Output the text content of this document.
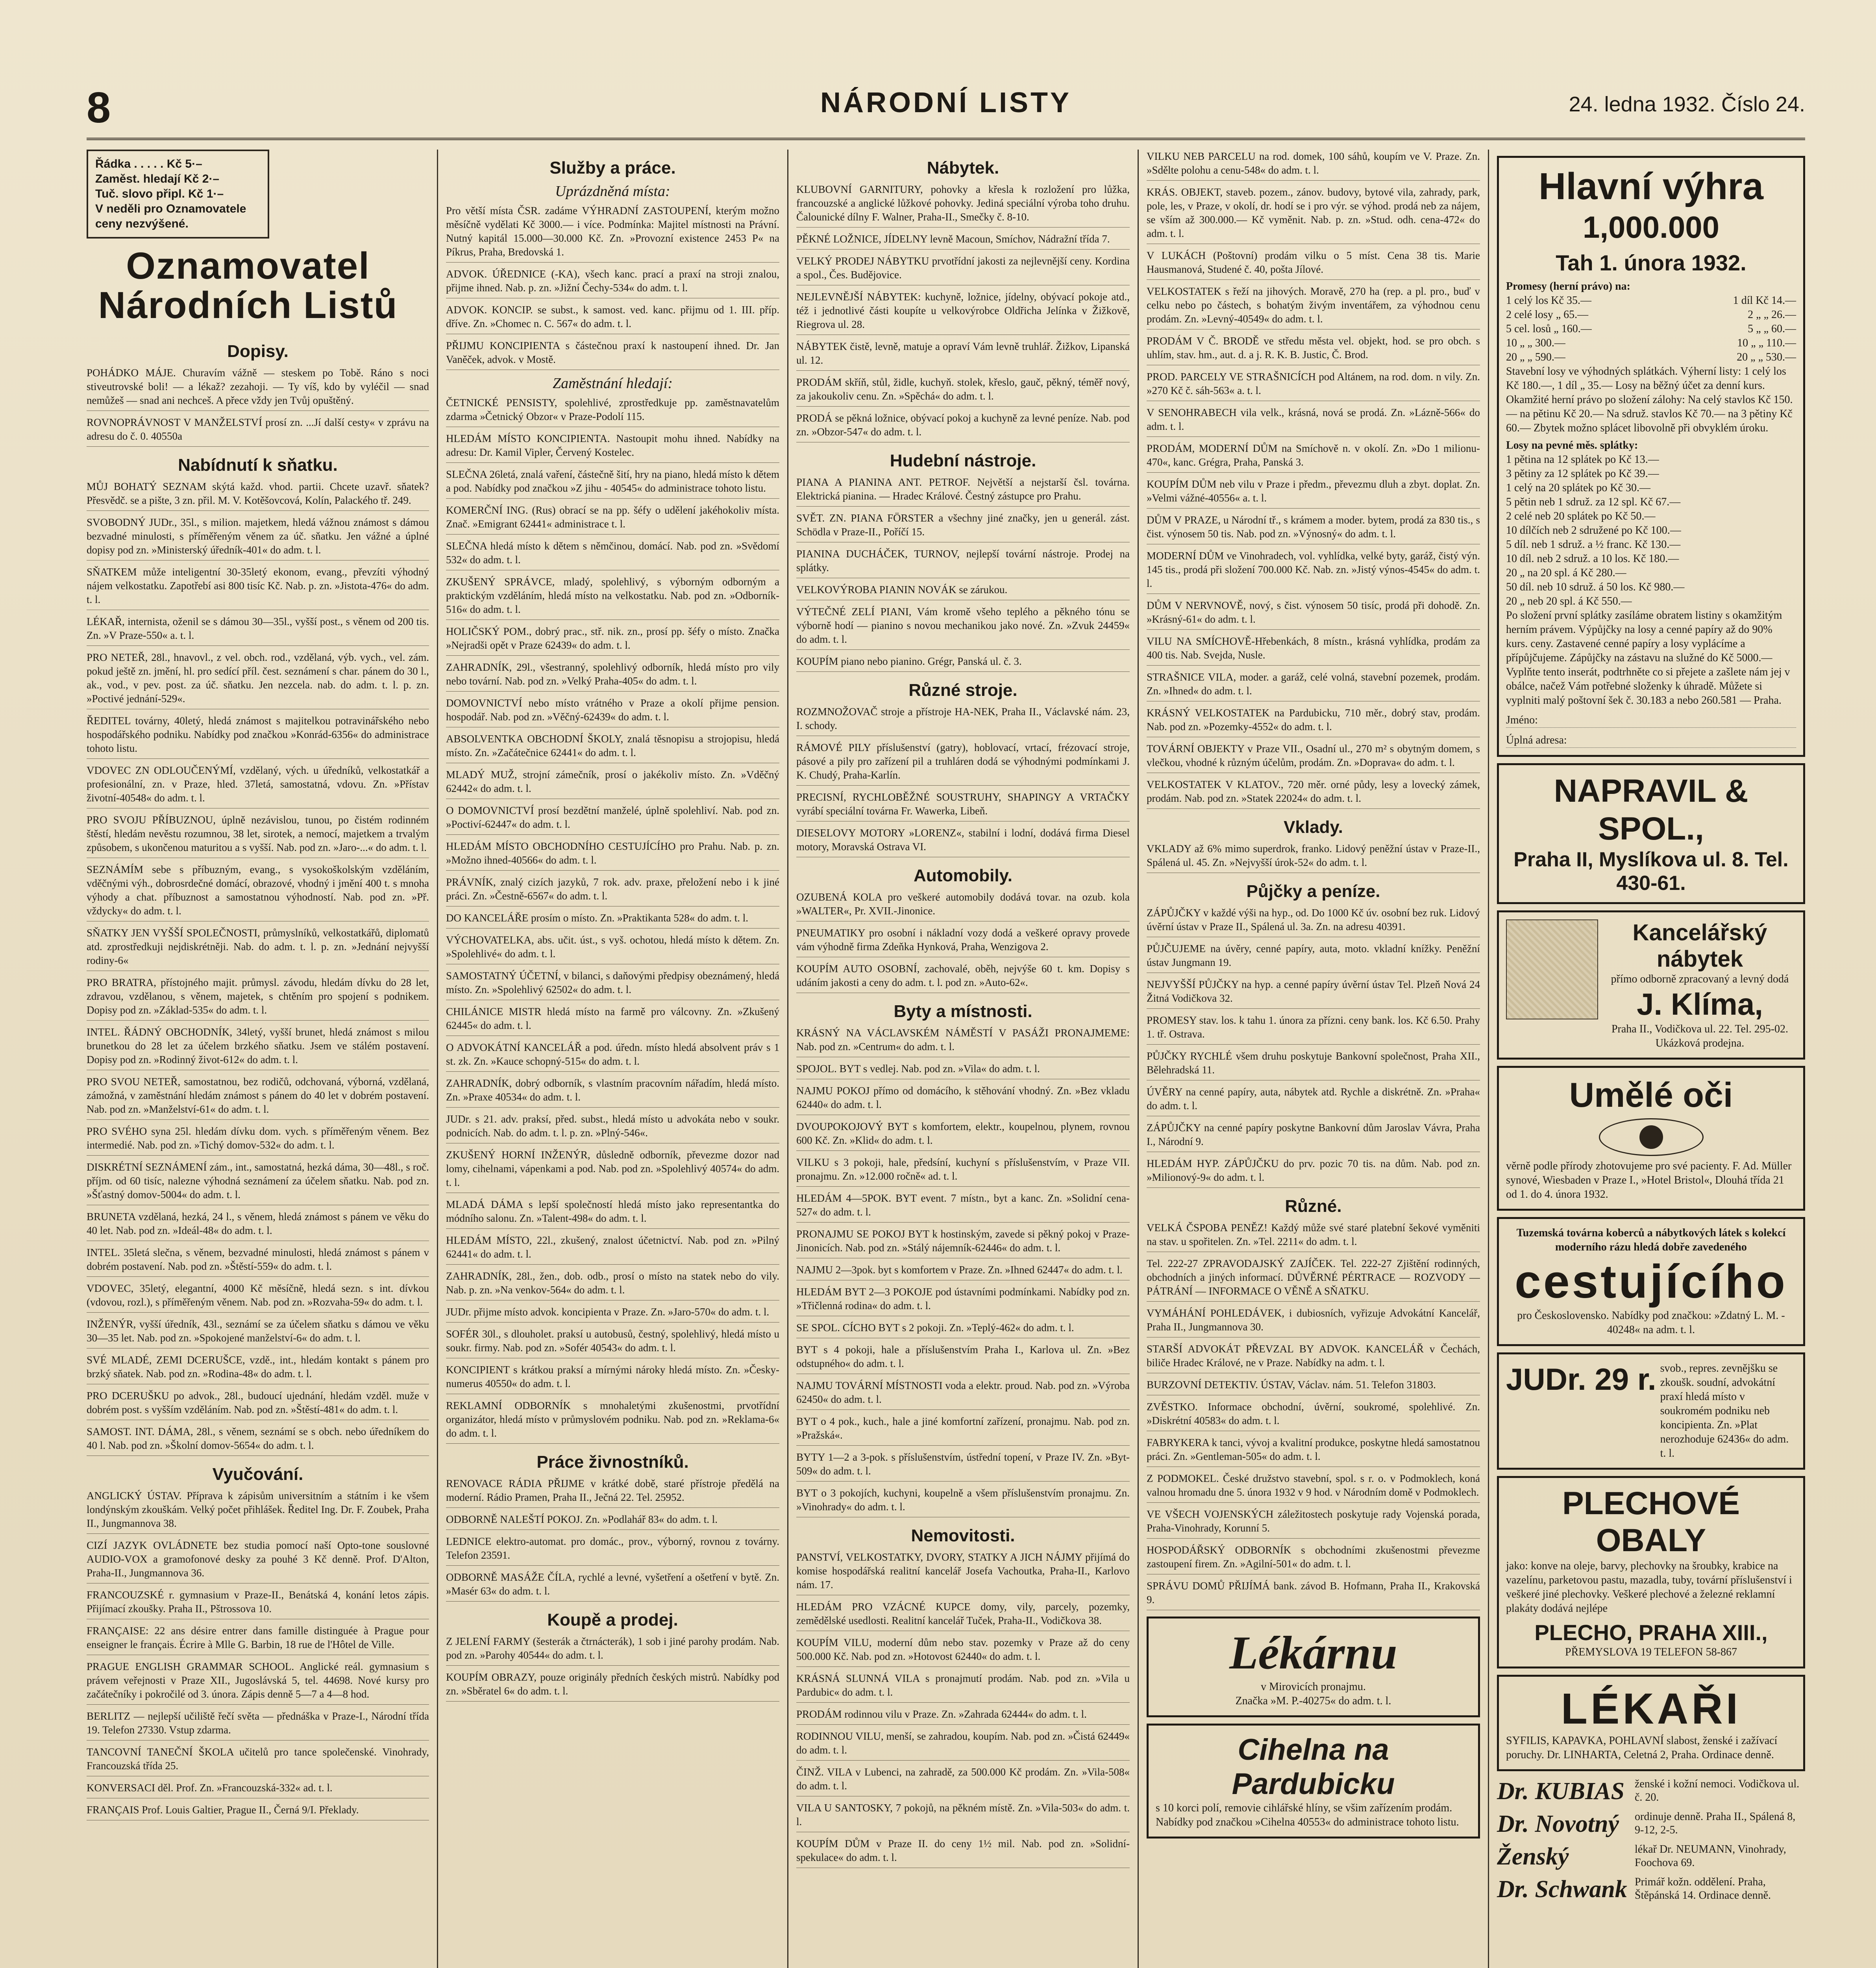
8	NÁRODNÍ LISTY	24. ledna 1932. Číslo 24.
Řádka . . . . . Kč 5·–
Zaměst. hledají Kč 2·–
Tuč. slovo připl. Kč 1·–
V neděli pro Oznamovatele ceny nezvýšené.
Oznamovatel
Národních Listů
Dopisy.
POHÁDKO MÁJE. Churavím vážně — steskem po Tobě. Ráno s noci stiveutrovské boli! — a lékaž? zezahoji. — Ty víš, kdo by vyléčil — snad nemůžeš — snad ani nechceš. A přece vždy jen Tvůj opuštěný.
ROVNOPRÁVNOST V MANŽELSTVÍ prosí zn. ...Jí další cesty« v zprávu na adresu do č. 0. 40550a
Nabídnutí k sňatku.
MŮJ BOHATÝ SEZNAM skýtá každ. vhod. partii. Chcete uzavř. sňatek? Přesvědč. se a pište, 3 zn. přil. M. V. Kotěšovcová, Kolín, Palackého tř. 249.
SVOBODNÝ JUDr., 35l., s milion. majetkem, hledá vážnou známost s dámou bezvadné minulosti, s příměřeným věnem za úč. sňatku. Jen vážné a úplné dopisy pod zn. »Ministerský úředník-401« do adm. t. l.
SŇATKEM může inteligentní 30-35letý ekonom, evang., převzíti výhodný nájem velkostatku. Zapotřebí asi 800 tisíc Kč. Nab. p. zn. »Jistota-476« do adm. t. l.
LÉKAŘ, internista, oženil se s dámou 30—35l., vyšší post., s věnem od 200 tis. Zn. »V Praze-550« a. t. l.
PRO NETEŘ, 28l., hnavovl., z vel. obch. rod., vzdělaná, výb. vych., vel. zám. pokud ještě zn. jmění, hl. pro sedící příl. čest. seznámení s char. pánem do 30 l., ak., vod., v pev. post. za úč. sňatku. Jen nezcela. nab. do adm. t. l. p. zn. »Poctivé jednání-529«.
ŘEDITEL továrny, 40letý, hledá známost s majitelkou potravinářského nebo hospodářského podniku. Nabídky pod značkou »Konrád-6356« do administrace tohoto listu.
VDOVEC ZN ODLOUČENÝMÍ, vzdělaný, vých. u úředníků, velkostatkář a profesionální, zn. v Praze, hled. 37letá, samostatná, vdovu. Zn. »Přístav životní-40548« do adm. t. l.
PRO SVOJU PŘÍBUZNOU, úplně nezávislou, tunou, po čistém rodinném štěstí, hledám nevěstu rozumnou, 38 let, sirotek, a nemocí, majetkem a trvalým způsobem, s ukončenou maturitou a s vyšší. Nab. pod zn. »Jaro-...« do adm. t. l.
SEZNÁMÍM sebe s příbuzným, evang., s vysokoškolským vzděláním, vděčnými výh., dobrosrdečné domácí, obrazové, vhodný i jmění 400 t. s mnoha výhody a chat. příbuznost a samostatnou výhodností. Nab. pod zn. »Př. vždycky« do adm. t. l.
SŇATKY JEN VYŠŠÍ SPOLEČNOSTI, průmyslníků, velkostatkářů, diplomatů atd. zprostředkuji nejdiskrétněji. Nab. do adm. t. l. p. zn. »Jednání nejvyšší rodiny-6«
PRO BRATRA, přístojného majit. průmysl. závodu, hledám dívku do 28 let, zdravou, vzdělanou, s věnem, majetek, s chtěním pro spojení s podnikem. Dopisy pod zn. »Základ-535« do adm. t. l.
INTEL. ŘÁDNÝ OBCHODNÍK, 34letý, vyšší brunet, hledá známost s milou brunetkou do 28 let za účelem brzkého sňatku. Jsem ve stálém postavení. Dopisy pod zn. »Rodinný život-612« do adm. t. l.
PRO SVOU NETEŘ, samostatnou, bez rodičů, odchovaná, výborná, vzdělaná, zámožná, v zaměstnání hledám známost s pánem do 40 let v dobrém postavení. Nab. pod zn. »Manželství-61« do adm. t. l.
PRO SVÉHO syna 25l. hledám dívku dom. vych. s příměřeným věnem. Bez intermedié. Nab. pod zn. »Tichý domov-532« do adm. t. l.
DISKRÉTNÍ SEZNÁMENÍ zám., int., samostatná, hezká dáma, 30—48l., s roč. příjm. od 60 tisíc, nalezne výhodná seznámení za účelem sňatku. Nab. pod zn. »Šťastný domov-5004« do adm. t. l.
BRUNETA vzdělaná, hezká, 24 l., s věnem, hledá známost s pánem ve věku do 40 let. Nab. pod zn. »Ideál-48« do adm. t. l.
INTEL. 35letá slečna, s věnem, bezvadné minulosti, hledá známost s pánem v dobrém postavení. Nab. pod zn. »Štěstí-559« do adm. t. l.
VDOVEC, 35letý, elegantní, 4000 Kč měsíčně, hledá sezn. s int. dívkou (vdovou, rozl.), s příměřeným věnem. Nab. pod zn. »Rozvaha-59« do adm. t. l.
INŽENÝR, vyšší úředník, 43l., seznámí se za účelem sňatku s dámou ve věku 30—35 let. Nab. pod zn. »Spokojené manželství-6« do adm. t. l.
SVÉ MLADÉ, ZEMI DCERUŠCE, vzdě., int., hledám kontakt s pánem pro brzký sňatek. Nab. pod zn. »Rodina-48« do adm. t. l.
PRO DCERUŠKU po advok., 28l., budoucí ujednání, hledám vzděl. muže v dobrém post. s vyšším vzděláním. Nab. pod zn. »Štěstí-481« do adm. t. l.
SAMOST. INT. DÁMA, 28l., s věnem, seznámí se s obch. nebo úředníkem do 40 l. Nab. pod zn. »Školní domov-5654« do adm. t. l.
Vyučování.
ANGLICKÝ ÚSTAV. Příprava k zápisům universitním a státním i ke všem londýnským zkouškám. Velký počet přihlášek. Ředitel Ing. Dr. F. Zoubek, Praha II., Jungmannova 38.
CIZÍ JAZYK OVLÁDNETE bez studia pomocí naší Opto-tone souslovné AUDIO-VOX a gramofonové desky za pouhé 3 Kč denně. Prof. D'Alton, Praha-II., Jungmannova 36.
FRANCOUZSKÉ r. gymnasium v Praze-II., Benátská 4, konání letos zápis. Přijímací zkoušky. Praha II., Pštrossova 10.
FRANÇAISE: 22 ans désire entrer dans famille distinguée à Prague pour enseigner le français. Écrire à Mlle G. Barbin, 18 rue de l'Hôtel de Ville.
PRAGUE ENGLISH GRAMMAR SCHOOL. Anglické reál. gymnasium s právem veřejnosti v Praze XII., Jugoslávská 5, tel. 44698. Nové kursy pro začátečníky i pokročilé od 3. února. Zápis denně 5—7 a 4—8 hod.
BERLITZ — nejlepší učiliště řečí světa — přednáška v Praze-I., Národní třída 19. Telefon 27330. Vstup zdarma.
TANCOVNÍ TANEČNÍ ŠKOLA učitelů pro tance společenské. Vinohrady, Francouzská třída 25.
KONVERSACI děl. Prof. Zn. »Francouzská-332« ad. t. l.
FRANÇAIS Prof. Louis Galtier, Prague II., Černá 9/I. Překlady.
Služby a práce.
Uprázdněná místa:
Pro větší místa ČSR. zadáme VÝHRADNÍ ZASTOUPENÍ, kterým možno měsíčně vydělati Kč 3000.— i více. Podmínka: Majitel místnosti na Právní. Nutný kapitál 15.000—30.000 Kč. Zn. »Provozní existence 2453 P« na Píkrus, Praha, Bredovská 1.
ADVOK. ÚŘEDNICE (-KA), všech kanc. prací a praxí na stroji znalou, přijme ihned. Nab. p. zn. »Jižní Čechy-534« do adm. t. l.
ADVOK. KONCIP. se subst., k samost. ved. kanc. přijmu od 1. III. příp. dříve. Zn. »Chomec n. C. 567« do adm. t. l.
PŘIJMU KONCIPIENTA s částečnou praxí k nastoupení ihned. Dr. Jan Vaněček, advok. v Mostě.
Zaměstnání hledají:
ČETNICKÉ PENSISTY, spolehlivé, zprostředkuje pp. zaměstnavatelům zdarma »Četnický Obzor« v Praze-Podolí 115.
HLEDÁM MÍSTO KONCIPIENTA. Nastoupit mohu ihned. Nabídky na adresu: Dr. Kamil Vipler, Červený Kostelec.
SLEČNA 26letá, znalá vaření, částečně šití, hry na piano, hledá místo k dětem a pod. Nabídky pod značkou »Z jihu - 40545« do administrace tohoto listu.
KOMERČNÍ ING. (Rus) obrací se na pp. šéfy o udělení jakéhokoliv místa. Znač. »Emigrant 62441« administrace t. l.
SLEČNA hledá místo k dětem s němčinou, domácí. Nab. pod zn. »Svědomí 532« do adm. t. l.
ZKUŠENÝ SPRÁVCE, mladý, spolehlivý, s výborným odborným a praktickým vzděláním, hledá místo na velkostatku. Nab. pod zn. »Odborník-516« do adm. t. l.
HOLIČSKÝ POM., dobrý prac., stř. nik. zn., prosí pp. šéfy o místo. Značka »Nejradši opět v Praze 62439« do adm. t. l.
ZAHRADNÍK, 29l., všestranný, spolehlivý odborník, hledá místo pro vily nebo tovární. Nab. pod zn. »Velký Praha-405« do adm. t. l.
DOMOVNICTVÍ nebo místo vrátného v Praze a okolí přijme pension. hospodář. Nab. pod zn. »Věčný-62439« do adm. t. l.
ABSOLVENTKA OBCHODNÍ ŠKOLY, znalá těsnopisu a strojopisu, hledá místo. Zn. »Začátečnice 62441« do adm. t. l.
MLADÝ MUŽ, strojní zámečník, prosí o jakékoliv místo. Zn. »Vděčný 62442« do adm. t. l.
O DOMOVNICTVÍ prosí bezdětní manželé, úplně spolehliví. Nab. pod zn. »Poctiví-62447« do adm. t. l.
HLEDÁM MÍSTO OBCHODNÍHO CESTUJÍCÍHO pro Prahu. Nab. p. zn. »Možno ihned-40566« do adm. t. l.
PRÁVNÍK, znalý cizích jazyků, 7 rok. adv. praxe, přeložení nebo i k jiné práci. Zn. »Čestně-6567« do adm. t. l.
DO KANCELÁŘE prosím o místo. Zn. »Praktikanta 528« do adm. t. l.
VÝCHOVATELKA, abs. učit. úst., s vyš. ochotou, hledá místo k dětem. Zn. »Spolehlivé« do adm. t. l.
SAMOSTATNÝ ÚČETNÍ, v bilanci, s daňovými předpisy obeznámený, hledá místo. Zn. »Spolehlivý 62502« do adm. t. l.
CHILÁNICE MISTR hledá místo na farmě pro válcovny. Zn. »Zkušený 62445« do adm. t. l.
O ADVOKÁTNÍ KANCELÁŘ a pod. úředn. místo hledá absolvent práv s 1 st. zk. Zn. »Kauce schopný-515« do adm. t. l.
ZAHRADNÍK, dobrý odborník, s vlastním pracovním nářadím, hledá místo. Zn. »Praxe 40534« do adm. t. l.
JUDr. s 21. adv. praksí, před. subst., hledá místo u advokáta nebo v soukr. podnicích. Nab. do adm. t. l. p. zn. »Plný-546«.
ZKUŠENÝ HORNÍ INŽENÝR, důsledně odborník, převezme dozor nad lomy, cihelnami, vápenkami a pod. Nab. pod zn. »Spolehlivý 40574« do adm. t. l.
MLADÁ DÁMA s lepší společností hledá místo jako representantka do módního salonu. Zn. »Talent-498« do adm. t. l.
HLEDÁM MÍSTO, 22l., zkušený, znalost účetnictví. Nab. pod zn. »Pilný 62441« do adm. t. l.
ZAHRADNÍK, 28l., žen., dob. odb., prosí o místo na statek nebo do vily. Nab. p. zn. »Na venkov-564« do adm. t. l.
JUDr. přijme místo advok. koncipienta v Praze. Zn. »Jaro-570« do adm. t. l.
SOFÉR 30l., s dlouholet. praksí u autobusů, čestný, spolehlivý, hledá místo u soukr. firmy. Nab. pod zn. »Sofér 40543« do adm. t. l.
KONCIPIENT s krátkou praksí a mírnými nároky hledá místo. Zn. »Česky-numerus 40550« do adm. t. l.
REKLAMNÍ ODBORNÍK s mnohaletými zkušenostmi, prvotřídní organizátor, hledá místo v průmyslovém podniku. Nab. pod zn. »Reklama-6« do adm. t. l.
Práce živnostníků.
RENOVACE RÁDIA PŘIJME v krátké době, staré přístroje předělá na moderní. Rádio Pramen, Praha II., Ječná 22. Tel. 25952.
ODBORNĚ NALEŠTÍ POKOJ. Zn. »Podlahář 83« do adm. t. l.
LEDNICE elektro-automat. pro domác., prov., výborný, rovnou z továrny. Telefon 23591.
ODBORNĚ MASÁŽE ČÍLA, rychlé a levné, vyšetření a ošetření v bytě. Zn. »Masér 63« do adm. t. l.
Koupě a prodej.
Z JELENÍ FARMY (šesterák a čtrnácterák), 1 sob i jiné parohy prodám. Nab. pod zn. »Parohy 40544« do adm. t. l.
KOUPÍM OBRAZY, pouze originály předních českých mistrů. Nabídky pod zn. »Sběratel 6« do adm. t. l.
Nábytek.
KLUBOVNÍ GARNITURY, pohovky a křesla k rozložení pro lůžka, francouzské a anglické lůžkové pohovky. Jediná speciální výroba toho druhu. Čalounické dílny F. Walner, Praha-II., Smečky č. 8-10.
PĚKNÉ LOŽNICE, JÍDELNY levně Macoun, Smíchov, Nádražní třída 7.
VELKÝ PRODEJ NÁBYTKU prvotřídní jakosti za nejlevnější ceny. Kordina a spol., Čes. Budějovice.
NEJLEVNĚJŠÍ NÁBYTEK: kuchyně, ložnice, jídelny, obývací pokoje atd., též i jednotlivé části koupíte u velkovýrobce Oldřicha Jelínka v Žižkově, Riegrova ul. 28.
NÁBYTEK čistě, levně, matuje a opraví Vám levně truhlář. Žižkov, Lipanská ul. 12.
PRODÁM skříň, stůl, židle, kuchyň. stolek, křeslo, gauč, pěkný, téměř nový, za jakoukoliv cenu. Zn. »Spěchá« do adm. t. l.
PRODÁ se pěkná ložnice, obývací pokoj a kuchyně za levné peníze. Nab. pod zn. »Obzor-547« do adm. t. l.
Hudební nástroje.
PIANA A PIANINA ANT. PETROF. Největší a nejstarší čsl. továrna. Elektrická pianina. — Hradec Králové. Čestný zástupce pro Prahu.
SVĚT. ZN. PIANA FÖRSTER a všechny jiné značky, jen u generál. zást. Schödla v Praze-II., Poříčí 15.
PIANINA DUCHÁČEK, TURNOV, nejlepší tovární nástroje. Prodej na splátky.
VELKOVÝROBA PIANIN NOVÁK se zárukou.
VÝTEČNÉ ZELÍ PIANI, Vám kromě všeho teplého a pěkného tónu se výborně hodí — pianino s novou mechanikou jako nové. Zn. »Zvuk 24459« do adm. t. l.
KOUPÍM piano nebo pianino. Grégr, Panská ul. č. 3.
Různé stroje.
ROZMNOŽOVAČ stroje a přístroje HA-NEK, Praha II., Václavské nám. 23, I. schody.
RÁMOVÉ PILY příslušenství (gatry), hoblovací, vrtací, frézovací stroje, pásové a pily pro zařízení pil a truhláren dodá se výhodnými podmínkami J. K. Chudý, Praha-Karlín.
PRECISNÍ, RYCHLOBĚŽNÉ SOUSTRUHY, SHAPINGY A VRTAČKY vyrábí speciální továrna Fr. Wawerka, Libeň.
DIESELOVY MOTORY »LORENZ«, stabilní i lodní, dodává firma Diesel motory, Moravská Ostrava VI.
Automobily.
OZUBENÁ KOLA pro veškeré automobily dodává tovar. na ozub. kola »WALTER«, Pr. XVII.-Jinonice.
PNEUMATIKY pro osobní i nákladní vozy dodá a veškeré opravy provede vám výhodně firma Zdeňka Hynková, Praha, Wenzigova 2.
KOUPÍM AUTO OSOBNÍ, zachovalé, oběh, nejvýše 60 t. km. Dopisy s udáním jakosti a ceny do adm. t. l. pod zn. »Auto-62«.
Byty a místnosti.
KRÁSNÝ NA VÁCLAVSKÉM NÁMĚSTÍ V PASÁŽI PRONAJMEME: Nab. pod zn. »Centrum« do adm. t. l.
SPOJOL. BYT s vedlej. Nab. pod zn. »Vila« do adm. t. l.
NAJMU POKOJ přímo od domácího, k stěhování vhodný. Zn. »Bez vkladu 62440« do adm. t. l.
DVOUPOKOJOVÝ BYT s komfortem, elektr., koupelnou, plynem, rovnou 600 Kč. Zn. »Klid« do adm. t. l.
VILKU s 3 pokoji, hale, předsíní, kuchyní s příslušenstvím, v Praze VII. pronajmu. Zn. »12.000 ročně« ad. t. l.
HLEDÁM 4—5POK. BYT event. 7 místn., byt a kanc. Zn. »Solidní cena-527« do adm. t. l.
PRONAJMU SE POKOJ BYT k hostinským, zavede si pěkný pokoj v Praze-Jinonicích. Nab. pod zn. »Stálý nájemník-62446« do adm. t. l.
NAJMU 2—3pok. byt s komfortem v Praze. Zn. »Ihned 62447« do adm. t. l.
HLEDÁM BYT 2—3 POKOJE pod ústavními podmínkami. Nabídky pod zn. »Třičlenná rodina« do adm. t. l.
SE SPOL. CÍCHO BYT s 2 pokoji. Zn. »Teplý-462« do adm. t. l.
BYT s 4 pokoji, hale a příslušenstvím Praha I., Karlova ul. Zn. »Bez odstupného« do adm. t. l.
NAJMU TOVÁRNÍ MÍSTNOSTI voda a elektr. proud. Nab. pod zn. »Výroba 62450« do adm. t. l.
BYT o 4 pok., kuch., hale a jiné komfortní zařízení, pronajmu. Nab. pod zn. »Pražská«.
BYTY 1—2 a 3-pok. s příslušenstvím, ústřední topení, v Praze IV. Zn. »Byt-509« do adm. t. l.
BYT o 3 pokojích, kuchyni, koupelně a všem příslušenstvím pronajmu. Zn. »Vinohrady« do adm. t. l.
Nemovitosti.
PANSTVÍ, VELKOSTATKY, DVORY, STATKY A JICH NÁJMY přijímá do komise hospodářská realitní kancelář Josefa Vachoutka, Praha-II., Karlovo nám. 17.
HLEDÁM PRO VZÁCNÉ KUPCE domy, vily, parcely, pozemky, zemědělské usedlosti. Realitní kancelář Tuček, Praha-II., Vodičkova 38.
KOUPÍM VILU, moderní dům nebo stav. pozemky v Praze až do ceny 500.000 Kč. Nab. pod zn. »Hotovost 62440« do adm. t. l.
KRÁSNÁ SLUNNÁ VILA s pronajmutí prodám. Nab. pod zn. »Vila u Pardubic« do adm. t. l.
PRODÁM rodinnou vilu v Praze. Zn. »Zahrada 62444« do adm. t. l.
RODINNOU VILU, menší, se zahradou, koupím. Nab. pod zn. »Čistá 62449« do adm. t. l.
ČINŽ. VILA v Lubenci, na zahradě, za 500.000 Kč prodám. Zn. »Vila-508« do adm. t. l.
VILA U SANTOSKY, 7 pokojů, na pěkném místě. Zn. »Vila-503« do adm. t. l.
KOUPÍM DŮM v Praze II. do ceny 1½ mil. Nab. pod zn. »Solidní-spekulace« do adm. t. l.
VILKU NEB PARCELU na rod. domek, 100 sáhů, koupím ve V. Praze. Zn. »Sdělte polohu a cenu-548« do adm. t. l.
KRÁS. OBJEKT, staveb. pozem., zánov. budovy, bytové vila, zahrady, park, pole, les, v Praze, v okolí, dr. hodí se i pro výr. se výhod. prodá neb za nájem, se vším až 300.000.— Kč vyměnit. Nab. p. zn. »Stud. odh. cena-472« do adm. t. l.
V LUKÁCH (Poštovní) prodám vilku o 5 míst. Cena 38 tis. Marie Hausmanová, Studené č. 40, pošta Jílové.
VELKOSTATEK s řeží na jihových. Moravě, 270 ha (rep. a pl. pro., buď v celku nebo po částech, s bohatým živým inventářem, za výhodnou cenu prodám. Zn. »Levný-40549« do adm. t. l.
PRODÁM V Č. BRODĚ ve středu města vel. objekt, hod. se pro obch. s uhlím, stav. hm., aut. d. a j. R. K. B. Justic, Č. Brod.
PROD. PARCELY VE STRAŠNICÍCH pod Altánem, na rod. dom. n vily. Zn. »270 Kč č. sáh-563« a. t. l.
V SENOHRABECH vila velk., krásná, nová se prodá. Zn. »Lázně-566« do adm. t. l.
PRODÁM, MODERNÍ DŮM na Smíchově n. v okolí. Zn. »Do 1 milionu-470«, kanc. Grégra, Praha, Panská 3.
KOUPÍM DŮM neb vilu v Praze i předm., převezmu dluh a zbyt. doplat. Zn. »Velmi vážné-40556« a. t. l.
DŮM V PRAZE, u Národní tř., s krámem a moder. bytem, prodá za 830 tis., s čist. výnosem 50 tis. Nab. pod zn. »Výnosný« do adm. t. l.
MODERNÍ DŮM ve Vinohradech, vol. vyhlídka, velké byty, garáž, čistý výn. 145 tis., prodá při složení 700.000 Kč. Nab. zn. »Jistý výnos-4545« do adm. t. l.
DŮM V NERVNOVĚ, nový, s čist. výnosem 50 tisíc, prodá při dohodě. Zn. »Krásný-61« do adm. t. l.
VILU NA SMÍCHOVĚ-Hřebenkách, 8 místn., krásná vyhlídka, prodám za 400 tis. Nab. Svejda, Nusle.
STRAŠNICE VILA, moder. a garáž, celé volná, stavební pozemek, prodám. Zn. »Ihned« do adm. t. l.
KRÁSNÝ VELKOSTATEK na Pardubicku, 710 měr., dobrý stav, prodám. Nab. pod zn. »Pozemky-4552« do adm. t. l.
TOVÁRNÍ OBJEKTY v Praze VII., Osadní ul., 270 m² s obytným domem, s vlečkou, vhodné k různým účelům, prodám. Zn. »Doprava« do adm. t. l.
VELKOSTATEK V KLATOV., 720 měr. orné půdy, lesy a lovecký zámek, prodám. Nab. pod zn. »Statek 22024« do adm. t. l.
Vklady.
VKLADY až 6% mimo superdrok, franko. Lidový peněžní ústav v Praze-II., Spálená ul. 45. Zn. »Nejvyšší úrok-52« do adm. t. l.
Půjčky a peníze.
ZÁPŮJČKY v každé výši na hyp., od. Do 1000 Kč úv. osobní bez ruk. Lidový úvěrní ústav v Praze II., Spálená ul. 3a. Zn. na adresu 40391.
PŮJČUJEME na úvěry, cenné papíry, auta, moto. vkladní knížky. Peněžní ústav Jungmann 19.
NEJVYŠŠÍ PŮJČKY na hyp. a cenné papíry úvěrní ústav Tel. Plzeň Nová 24 Žitná Vodičkova 32.
PROMESY stav. los. k tahu 1. února za přízni. ceny bank. los. Kč 6.50. Prahy 1. tř. Ostrava.
PŮJČKY RYCHLÉ všem druhu poskytuje Bankovní společnost, Praha XII., Bělehradská 11.
ÚVĚRY na cenné papíry, auta, nábytek atd. Rychle a diskrétně. Zn. »Praha« do adm. t. l.
ZÁPŮJČKY na cenné papíry poskytne Bankovní dům Jaroslav Vávra, Praha I., Národní 9.
HLEDÁM HYP. ZÁPŮJČKU do prv. pozic 70 tis. na dům. Nab. pod zn. »Milionový-9« do adm. t. l.
Různé.
VELKÁ ČSPOBA PENĚZ! Každý může své staré platební šekové vyměniti na stav. u spořitelen. Zn. »Tel. 2211« do adm. t. l.
Tel. 222-27 ZPRAVODAJSKÝ ZAJÍČEK. Tel. 222-27 Zjištění rodinných, obchodních a jiných informací. DŮVĚRNÉ PÉRTRACE — ROZVODY — PÁTRÁNÍ — INFORMACE O VĚNĚ A SŇATKU.
VYMÁHÁNÍ POHLEDÁVEK, i dubiosních, vyřizuje Advokátní Kancelář, Praha II., Jungmannova 30.
STARŠÍ ADVOKÁT PŘEVZAL BY ADVOK. KANCELÁŘ v Čechách, biliče Hradec Králové, ne v Praze. Nabídky na adm. t. l.
BURZOVNÍ DETEKTIV. ÚSTAV, Václav. nám. 51. Telefon 31803.
ZVĚSTKO. Informace obchodní, úvěrní, soukromé, spolehlivé. Zn. »Diskrétní 40583« do adm. t. l.
FABRYKERA k tanci, vývoj a kvalitní produkce, poskytne hledá samostatnou práci. Zn. »Gentleman-505« do adm. t. l.
Z PODMOKEL. České družstvo stavební, spol. s r. o. v Podmoklech, koná valnou hromadu dne 5. února 1932 v 9 hod. v Národním domě v Podmoklech.
VE VŠECH VOJENSKÝCH záležitostech poskytuje rady Vojenská porada, Praha-Vinohrady, Korunní 5.
HOSPODÁŘSKÝ ODBORNÍK s obchodními zkušenostmi převezme zastoupení firem. Zn. »Agilní-501« do adm. t. l.
SPRÁVU DOMŮ PŘIJÍMÁ bank. závod B. Hofmann, Praha II., Krakovská 9.
Lékárnu
v Mirovicích pronajmu.
Značka »M. P.-40275« do adm. t. l.
Cihelna na Pardubicku
s 10 korci polí, removie cihlářské hlíny, se všim zařízením prodám. Nabídky pod značkou »Cihelna 40553« do administrace tohoto listu.
Hlavní výhra
1,000.000
Tah 1. února 1932.
Promesy (herní právo) na:
1 celý los Kč 35.—	1 díl Kč 14.—
2 celé losy „ 65.—	2 „ „ 26.—
5 cel. losů „ 160.—	5 „ „ 60.—
10 „ „ 300.—	10 „ „ 110.—
20 „ „ 590.—	20 „ „ 530.—
Stavební losy ve výhodných splátkách. Výherní listy: 1 celý los Kč 180.—, 1 díl „ 35.— Losy na běžný účet za denní kurs. Okamžité herní právo po složení zálohy: Na celý stavlos Kč 150.— na pětinu Kč 20.— Na sdruž. stavlos Kč 70.— na 3 pětiny Kč 60.— Zbytek možno splácet libovolně při obvyklém úroku.
Losy na pevné měs. splátky:
1 pětina na 12 splátek po Kč 13.—
3 pětiny za 12 splátek po Kč 39.—
1 celý na 20 splátek po Kč 30.—
5 pětin neb 1 sdruž. za 12 spl. Kč 67.—
2 celé neb 20 splátek po Kč 50.—
10 dílčích neb 2 sdružené po Kč 100.—
5 díl. neb 1 sdruž. a ½ franc. Kč 130.—
10 díl. neb 2 sdruž. a 10 los. Kč 180.—
20 „ na 20 spl. á Kč 280.—
50 díl. neb 10 sdruž. á 50 los. Kč 980.—
20 „ neb 20 spl. á Kč 550.—
Po složení první splátky zasíláme obratem listiny s okamžitým herním právem. Výpůjčky na losy a cenné papíry až do 90% kurs. ceny. Zastavené cenné papíry a losy vyplácíme a přípůjčujeme. Zápůjčky na zástavu na služné do Kč 5000.— Vyplňte tento inserát, podtrhněte co si přejete a zašlete nám jej v obálce, načež Vám potřebné složenky k úhradě. Můžete si vyplniti malý poštovní šek č. 30.183 a nebo 260.581 — Praha.
Jméno:
Úplná adresa:
NAPRAVIL & SPOL.,
Praha II, Myslíkova ul. 8. Tel. 430-61.
Kancelářský nábytek
přímo odborně zpracovaný a levný dodá
J. Klíma,
Praha II., Vodičkova ul. 22. Tel. 295-02. Ukázková prodejna.
Umělé oči
věrně podle přírody zhotovujeme pro své pacienty. F. Ad. Müller synové, Wiesbaden v Praze I., »Hotel Bristol«, Dlouhá třída 21 od 1. do 4. února 1932.
Tuzemská továrna koberců a nábytkových látek s kolekcí moderního rázu hledá dobře zavedeného
cestujícího
pro Československo. Nabídky pod značkou: »Zdatný L. M. - 40248« na adm. t. l.
JUDr. 29 r. svob., repres. zevnějšku se zkoušk. soudní, advokátní praxí hledá místo v soukromém podniku neb koncipienta. Zn. »Plat nerozhoduje 62436« do adm. t. l.
PLECHOVÉ OBALY
jako: konve na oleje, barvy, plechovky na šroubky, krabice na vazelínu, parketovou pastu, mazadla, tuby, tovární příslušenství i veškeré jiné plechovky. Veškeré plechové a železné reklamní plakáty dodává nejlépe
PLECHO, PRAHA XIII.,
PŘEMYSLOVA 19 TELEFON 58-867
LÉKAŘI
SYFILIS, KAPAVKA, POHLAVNÍ slabost, ženské i zažívací poruchy. Dr. LINHARTA, Celetná 2, Praha. Ordinace denně.
Dr. KUBIAS ženské i kožní nemoci. Vodičkova ul. č. 20.
Dr. Novotný	ordinuje denně. Praha II., Spálená 8, 9-12, 2-5.
Ženský	lékař Dr. NEUMANN, Vinohrady, Foochova 69.
Dr. Schwank Primář kožn. oddělení. Praha, Štěpánská 14. Ordinace denně.
